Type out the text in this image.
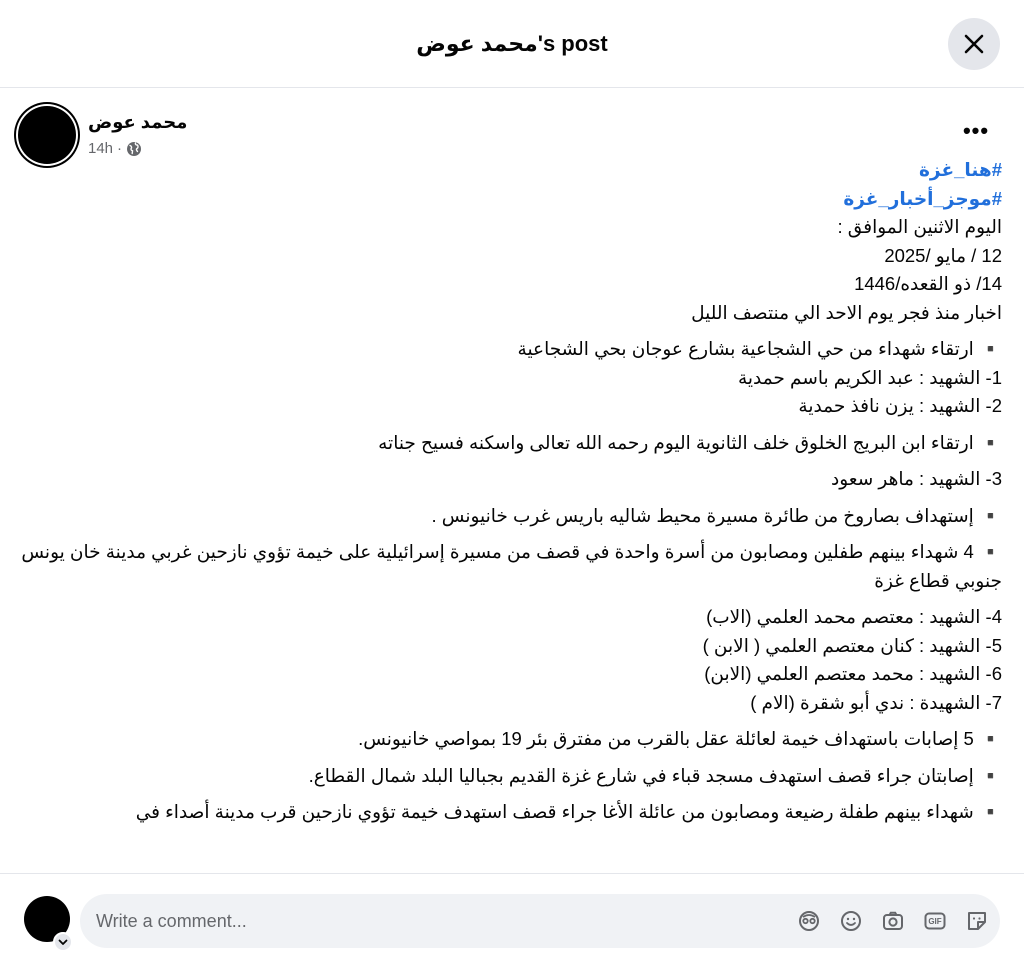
محمد عوض's post
محمد عوض
14h ·
•••
#هنا_غزة
#موجز_أخبار_غزة

اليوم الاثنين الموافق :

12 / مايو /2025

14/ ذو القعده/1446

اخبار منذ فجر يوم الاحد الي منتصف الليل

▪️ ارتقاء شهداء من حي الشجاعية بشارع عوجان بحي الشجاعية

1- الشهيد : عبد الكريم باسم حمدية

2- الشهيد : يزن نافذ حمدية

▪️ ارتقاء ابن البريج الخلوق خلف الثانوية اليوم رحمه الله تعالى واسكنه فسيح جناته

3- الشهيد : ماهر سعود

▪️ إستهداف بصاروخ من طائرة مسيرة محيط شاليه باريس غرب خانيونس .

▪️ 4 شهداء بينهم طفلين ومصابون من أسرة واحدة في قصف من مسيرة إسرائيلية على خيمة تؤوي نازحين غربي مدينة خان يونس جنوبي قطاع غزة

4- الشهيد : معتصم محمد العلمي (الاب)

5- الشهيد : كنان معتصم العلمي ( الابن )

6- الشهيد : محمد معتصم العلمي (الابن)

7- الشهيدة : ندي أبو شقرة (الام )

▪️ 5 إصابات باستهداف خيمة لعائلة عقل بالقرب من مفترق بئر 19 بمواصي خانيونس.

▪️ إصابتان جراء قصف استهدف مسجد قباء في شارع غزة القديم بجباليا البلد شمال القطاع.

▪️ شهداء بينهم طفلة رضيعة ومصابون من عائلة الأغا جراء قصف استهدف خيمة تؤوي نازحين قرب مدينة أصداء في

Write a comment...
GIF
